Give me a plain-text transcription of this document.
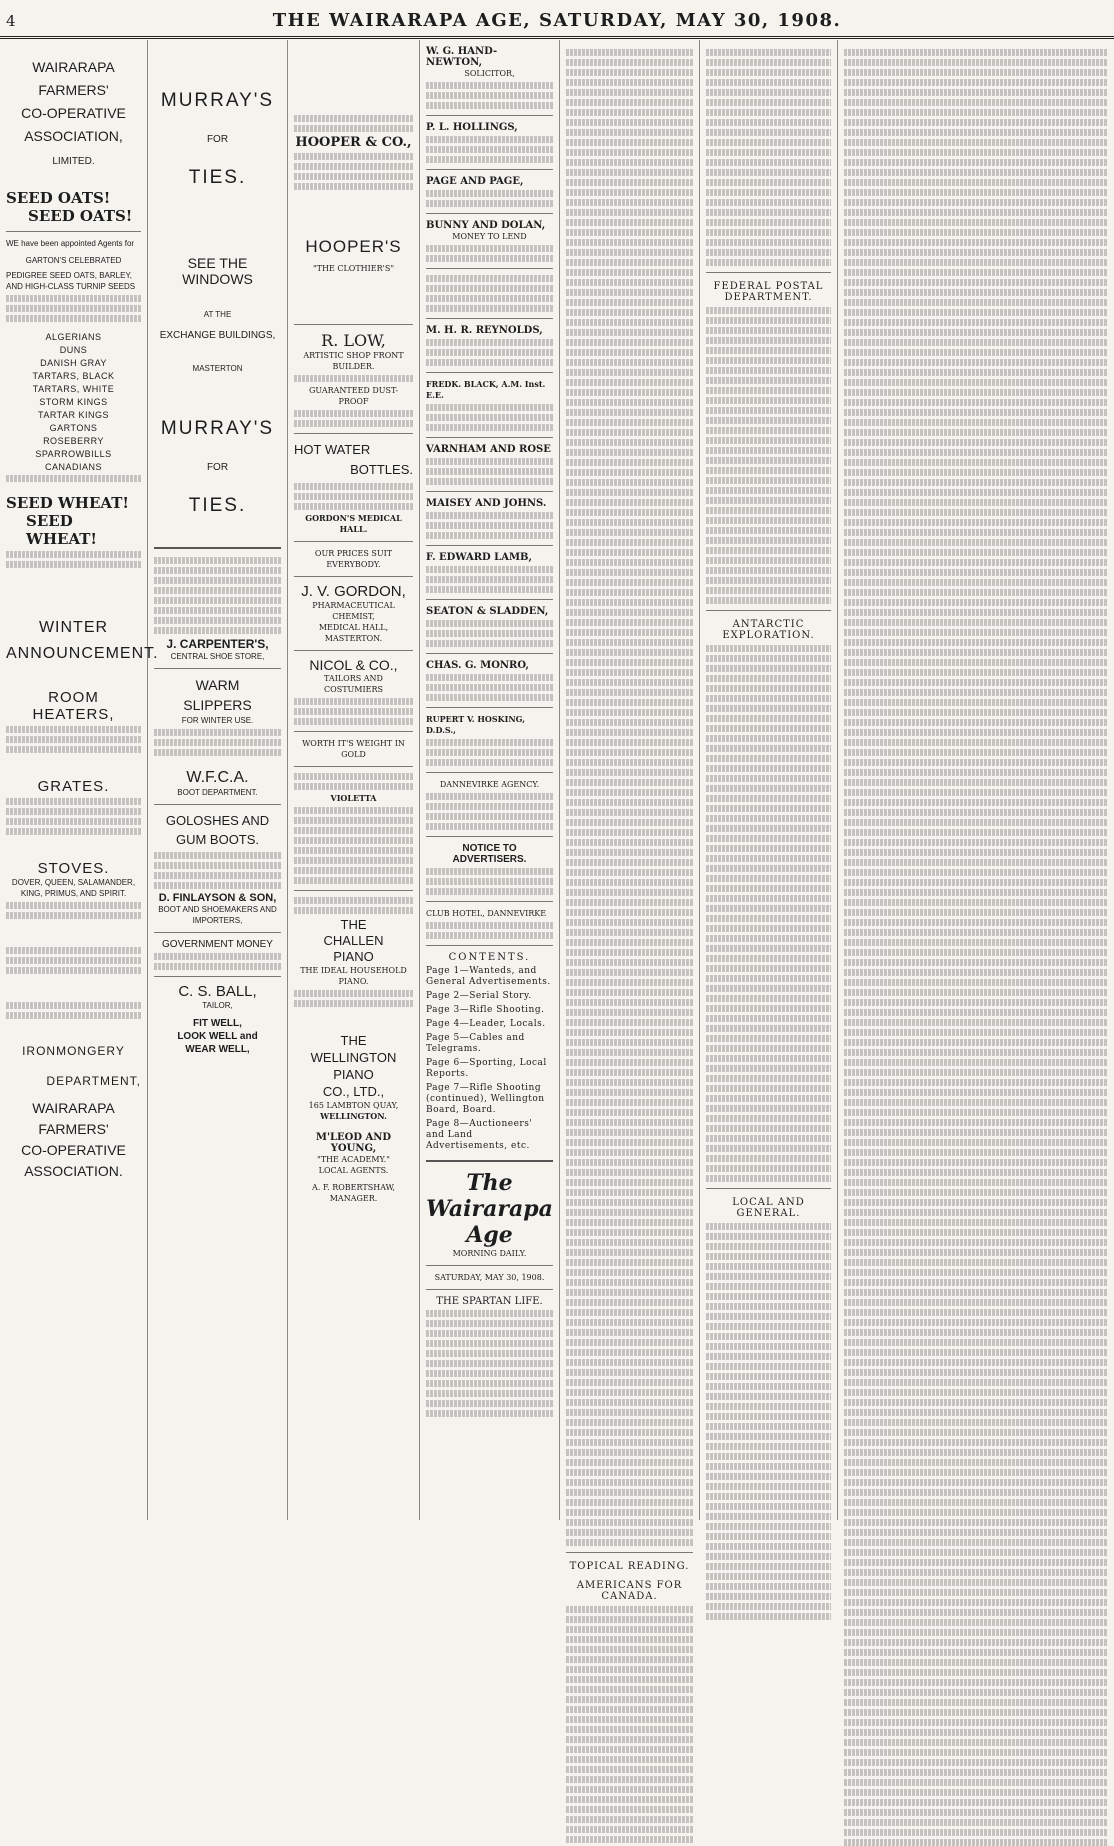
4	THE WAIRARAPA AGE, SATURDAY, MAY 30, 1908.
WAIRARAPA
FARMERS'
CO-OPERATIVE
ASSOCIATION,
LIMITED.
SEED OATS!
SEED OATS!
WE have been appointed Agents for
GARTON'S CELEBRATED
PEDIGREE SEED OATS, BARLEY, AND HIGH-CLASS TURNIP SEEDS

ALGERIANS

DUNS

DANISH GRAY

TARTARS, BLACK

TARTARS, WHITE

STORM KINGS

TARTAR KINGS

GARTONS

ROSEBERRY

SPARROWBILLS

CANADIANS

SEED WHEAT!
SEED WHEAT!
WINTER
ANNOUNCEMENT.
ROOM HEATERS,
GRATES.
STOVES.
DOVER, QUEEN, SALAMANDER, KING, PRIMUS, AND SPIRIT.
IRONMONGERY
DEPARTMENT,
WAIRARAPA
FARMERS'
CO-OPERATIVE
ASSOCIATION.
MURRAY'S
FOR
TIES.
SEE THE WINDOWS
AT THE
EXCHANGE BUILDINGS,
MASTERTON
MURRAY'S
FOR
TIES.
J. CARPENTER'S,
CENTRAL SHOE STORE,
WARM
SLIPPERS
FOR WINTER USE.
W.F.C.A.
BOOT DEPARTMENT.
GOLOSHES AND
GUM BOOTS.
D. FINLAYSON & SON,
BOOT AND SHOEMAKERS AND IMPORTERS,
GOVERNMENT MONEY
C. S. BALL,
TAILOR,
FIT WELL,
LOOK WELL and
WEAR WELL,
HOOPER & CO.,
HOOPER'S
"THE CLOTHIER'S"
R. LOW,
ARTISTIC SHOP FRONT BUILDER.
GUARANTEED DUST-PROOF
HOT WATER
BOTTLES.
GORDON'S MEDICAL HALL.
OUR PRICES SUIT EVERYBODY.
J. V. GORDON,
PHARMACEUTICAL CHEMIST,
MEDICAL HALL, MASTERTON.
NICOL & CO.,
TAILORS AND COSTUMIERS
WORTH IT'S WEIGHT IN GOLD
VIOLETTA
THE
CHALLEN
PIANO
THE IDEAL HOUSEHOLD PIANO.
THE
WELLINGTON PIANO
CO., LTD.,
165 LAMBTON QUAY,
WELLINGTON.
M'LEOD AND YOUNG,
"THE ACADEMY."
LOCAL AGENTS.
A. F. ROBERTSHAW,
MANAGER.
W. G. HAND-NEWTON,
SOLICITOR,
P. L. HOLLINGS,
PAGE AND PAGE,
BUNNY AND DOLAN,
MONEY TO LEND
M. H. R. REYNOLDS,
FREDK. BLACK, A.M. Inst. E.E.
VARNHAM AND ROSE
MAISEY AND JOHNS.
F. EDWARD LAMB,
SEATON & SLADDEN,
CHAS. G. MONRO,
RUPERT V. HOSKING, D.D.S.,
DANNEVIRKE AGENCY.
NOTICE TO ADVERTISERS.
CLUB HOTEL, DANNEVIRKE
CONTENTS.

Page 1—Wanteds, and General Advertisements.

Page 2—Serial Story.

Page 3—Rifle Shooting.

Page 4—Leader, Locals.

Page 5—Cables and Telegrams.

Page 6—Sporting, Local Reports.

Page 7—Rifle Shooting (continued), Wellington Board, Board.

Page 8—Auctioneers' and Land Advertisements, etc.

The Wairarapa Age
MORNING DAILY.
SATURDAY, MAY 30, 1908.
THE SPARTAN LIFE.
TOPICAL READING.
AMERICANS FOR CANADA.
FEDERAL POSTAL DEPARTMENT.
ANTARCTIC EXPLORATION.
LOCAL AND GENERAL.
